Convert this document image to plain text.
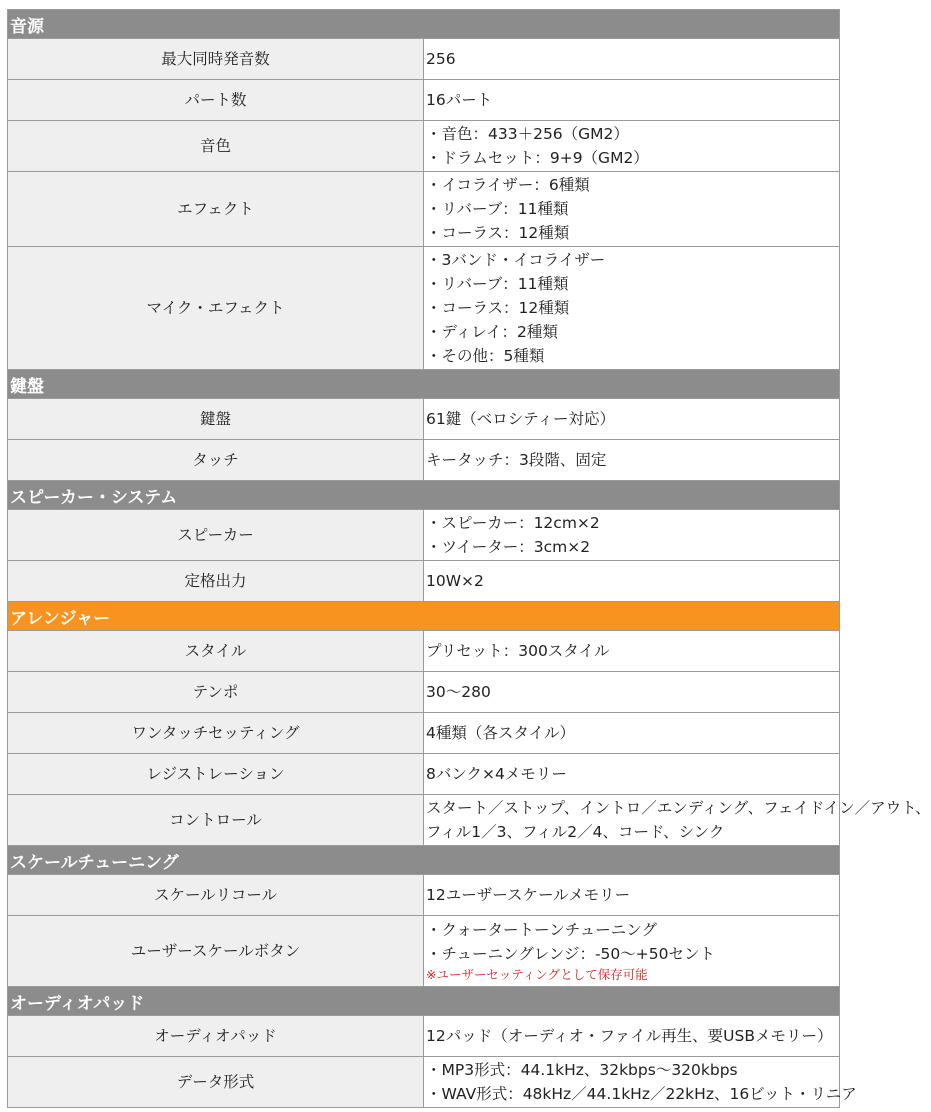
音源	
最大同時発音数	256

パート数	16パート

音色	・音色：433＋256（GM2）
・ドラムセット：9+9（GM2）

エフェクト	・イコライザー：6種類
・リバーブ：11種類
・コーラス：12種類

マイク・エフェクト	・3バンド・イコライザー
・リバーブ：11種類
・コーラス：12種類
・ディレイ：2種類
・その他：5種類

鍵盤	
鍵盤	61鍵（ベロシティー対応）

タッチ	キータッチ：3段階、固定

スピーカー・システム	
スピーカー	・スピーカー：12cm×2
・ツイーター：3cm×2

定格出力	10W×2

アレンジャー	
スタイル	プリセット：300スタイル

テンポ	30〜280

ワンタッチセッティング	4種類（各スタイル）

レジストレーション	8バンク×4メモリー

コントロール	スタート／ストップ、イントロ／エンディング、フェイドイン／アウト、
フィル1／3、フィル2／4、コード、シンク

スケールチューニング	
スケールリコール	12ユーザースケールメモリー

ユーザースケールボタン	・クォータートーンチューニング
・チューニングレンジ：-50〜+50セント
※ユーザーセッティングとして保存可能

オーディオパッド	
オーディオパッド	12パッド（オーディオ・ファイル再生、要USBメモリー）

データ形式	・MP3形式：44.1kHz、32kbps〜320kbps
・WAV形式：48kHz／44.1kHz／22kHz、16ビット・リニア
